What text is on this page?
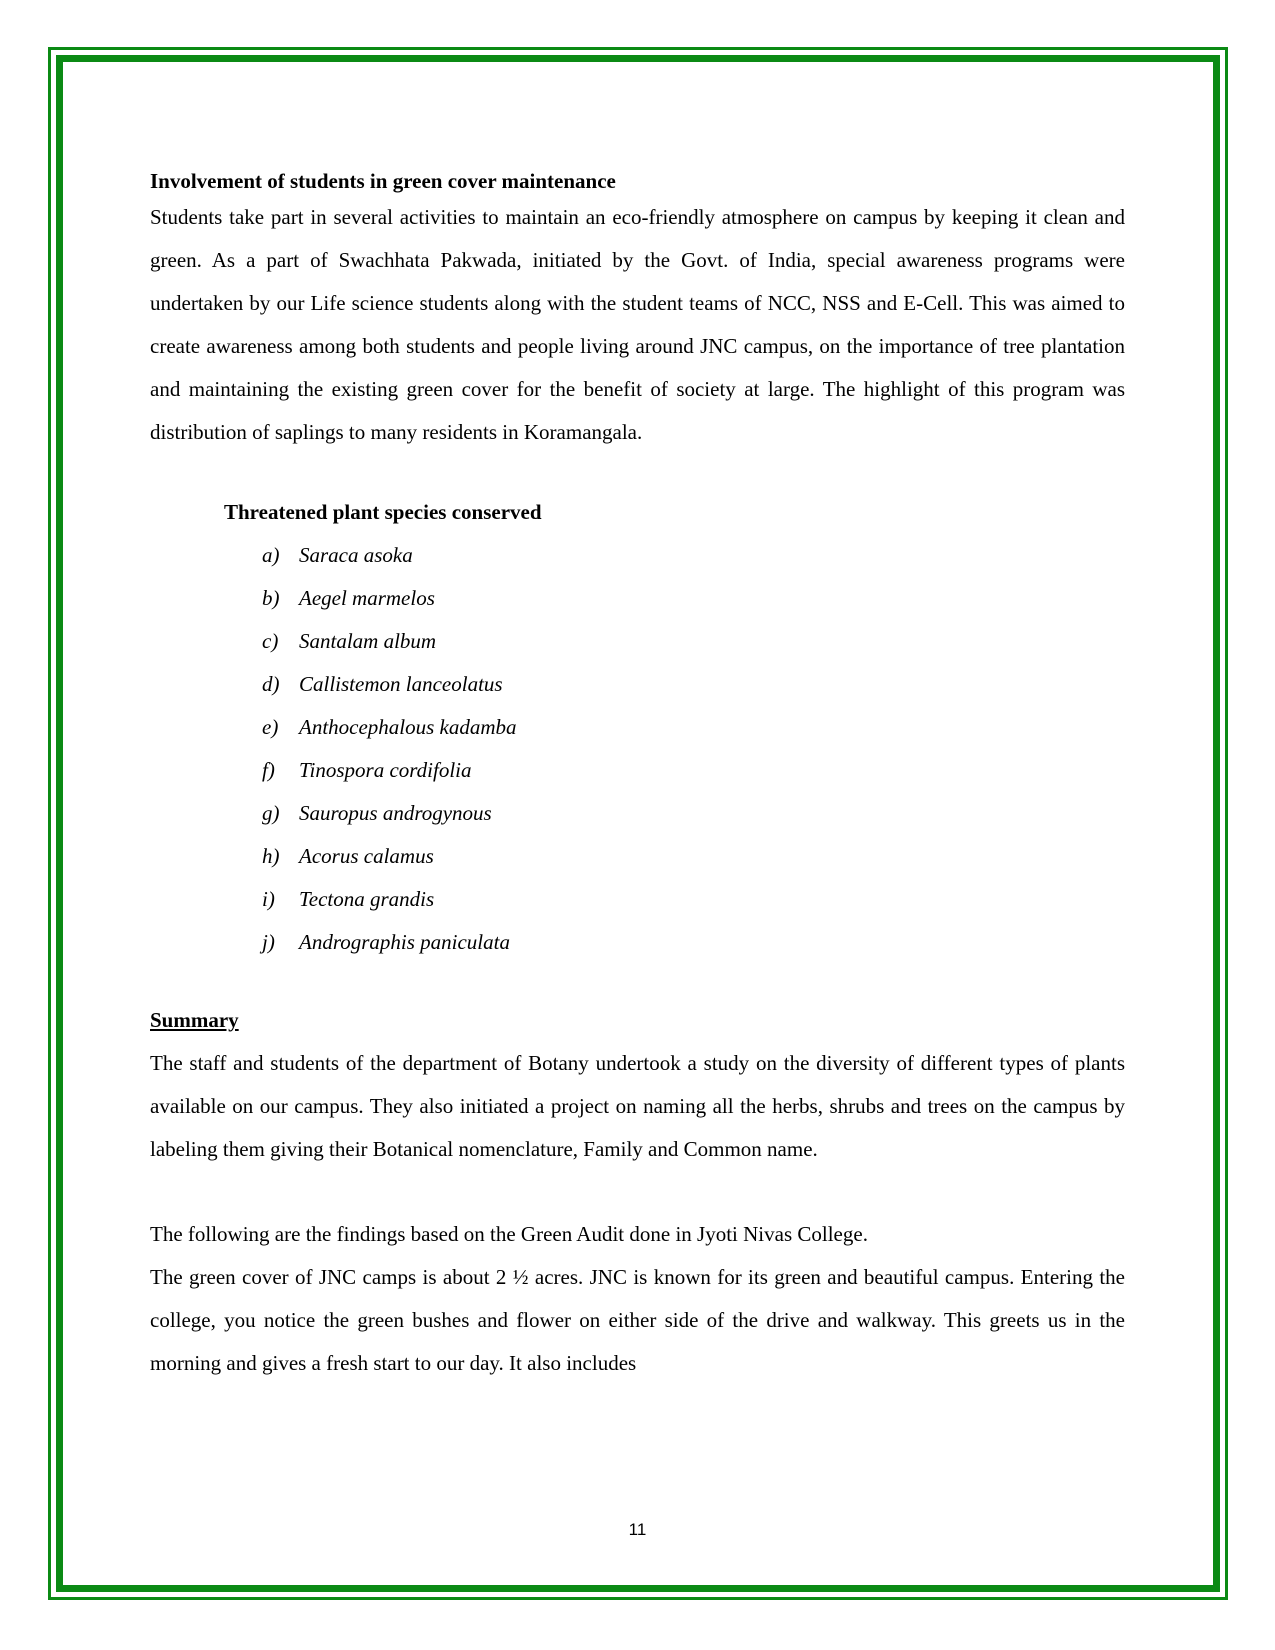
Involvement of students in green cover maintenance

Students take part in several activities to maintain an eco-friendly atmosphere on campus by keeping it clean and green. As a part of Swachhata Pakwada, initiated by the Govt. of India, special awareness programs were undertaken by our Life science students along with the student teams of NCC, NSS and E-Cell. This was aimed to create awareness among both students and people living around JNC campus, on the importance of tree plantation and maintaining the existing green cover for the benefit of society at large. The highlight of this program was distribution of saplings to many residents in Koramangala.

Threatened plant species conserved

a) Saraca asoka
b) Aegel marmelos
c) Santalam album
d) Callistemon lanceolatus
e) Anthocephalous kadamba
f)	Tinospora cordifolia
g) Sauropus androgynous
h) Acorus calamus
i)	Tectona grandis
j)	Andrographis paniculata

Summary

The staff and students of the department of Botany undertook a study on the diversity of different types of plants available on our campus. They also initiated a project on naming all the herbs, shrubs and trees on the campus by labeling them giving their Botanical nomenclature, Family and Common name.

The following are the findings based on the Green Audit done in Jyoti Nivas College.

The green cover of JNC camps is about 2 ½ acres. JNC is known for its green and beautiful campus. Entering the college, you notice the green bushes and flower on either side of the drive and walkway. This greets us in the morning and gives a fresh start to our day. It also includes

11
